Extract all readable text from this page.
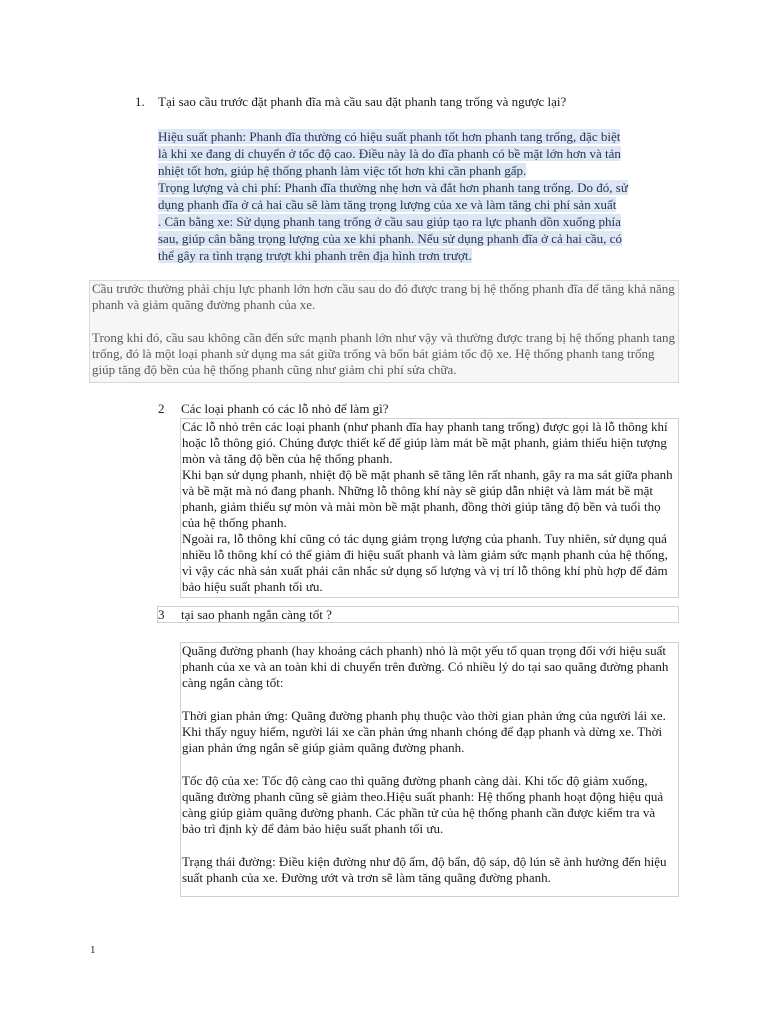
1.	Tại sao cầu trước đặt phanh đĩa mà cầu sau đặt phanh tang trống và ngược lại?
Hiệu suất phanh: Phanh đĩa thường có hiệu suất phanh tốt hơn phanh tang trống, đặc biệt
là khi xe đang di chuyển ở tốc độ cao. Điều này là do đĩa phanh có bề mặt lớn hơn và tản
nhiệt tốt hơn, giúp hệ thống phanh làm việc tốt hơn khi cần phanh gấp.
Trọng lượng và chi phí: Phanh đĩa thường nhẹ hơn và đắt hơn phanh tang trống. Do đó, sử
dụng phanh đĩa ở cả hai cầu sẽ làm tăng trọng lượng của xe và làm tăng chi phí sản xuất
. Cân bằng xe: Sử dụng phanh tang trống ở cầu sau giúp tạo ra lực phanh dồn xuống phía
sau, giúp cân bằng trọng lượng của xe khi phanh. Nếu sử dụng phanh đĩa ở cả hai cầu, có
thể gây ra tình trạng trượt khi phanh trên địa hình trơn trượt.

Cầu trước thường phải chịu lực phanh lớn hơn cầu sau do đó được trang bị hệ thống phanh đĩa để tăng khả năng phanh và giảm quãng đường phanh của xe.

Trong khi đó, cầu sau không cần đến sức mạnh phanh lớn như vậy và thường được trang bị hệ thống phanh tang trống, đó là một loại phanh sử dụng ma sát giữa trống và bốn bát giảm tốc độ xe. Hệ thống phanh tang trống giúp tăng độ bền của hệ thống phanh cũng như giảm chi phí sửa chữa.

2	Các loại phanh có các lỗ nhỏ để làm gì?

Các lỗ nhỏ trên các loại phanh (như phanh đĩa hay phanh tang trống) được gọi là lỗ thông khí hoặc lỗ thông gió. Chúng được thiết kế để giúp làm mát bề mặt phanh, giảm thiểu hiện tượng mòn và tăng độ bền của hệ thống phanh.

Khi bạn sử dụng phanh, nhiệt độ bề mặt phanh sẽ tăng lên rất nhanh, gây ra ma sát giữa phanh và bề mặt mà nó đang phanh. Những lỗ thông khí này sẽ giúp dẫn nhiệt và làm mát bề mặt phanh, giảm thiểu sự mòn và mài mòn bề mặt phanh, đồng thời giúp tăng độ bền và tuổi thọ của hệ thống phanh.

Ngoài ra, lỗ thông khí cũng có tác dụng giảm trọng lượng của phanh. Tuy nhiên, sử dụng quá nhiều lỗ thông khí có thể giảm đi hiệu suất phanh và làm giảm sức mạnh phanh của hệ thống, vì vậy các nhà sản xuất phải cân nhắc sử dụng số lượng và vị trí lỗ thông khí phù hợp để đảm bảo hiệu suất phanh tối ưu.

3	tại sao phanh ngắn càng tốt ?

Quãng đường phanh (hay khoảng cách phanh) nhỏ là một yếu tố quan trọng đối với hiệu suất phanh của xe và an toàn khi di chuyển trên đường. Có nhiều lý do tại sao quãng đường phanh càng ngắn càng tốt:

Thời gian phản ứng: Quãng đường phanh phụ thuộc vào thời gian phản ứng của người lái xe. Khi thấy nguy hiểm, người lái xe cần phản ứng nhanh chóng để đạp phanh và dừng xe. Thời gian phản ứng ngắn sẽ giúp giảm quãng đường phanh.

Tốc độ của xe: Tốc độ càng cao thì quãng đường phanh càng dài. Khi tốc độ giảm xuống, quãng đường phanh cũng sẽ giảm theo.Hiệu suất phanh: Hệ thống phanh hoạt động hiệu quả càng giúp giảm quãng đường phanh. Các phần tử của hệ thống phanh cần được kiểm tra và bảo trì định kỳ để đảm bảo hiệu suất phanh tối ưu.

Trạng thái đường: Điều kiện đường như độ ẩm, độ bẩn, độ sáp, độ lún sẽ ảnh hưởng đến hiệu suất phanh của xe. Đường ướt và trơn sẽ làm tăng quãng đường phanh.

1
